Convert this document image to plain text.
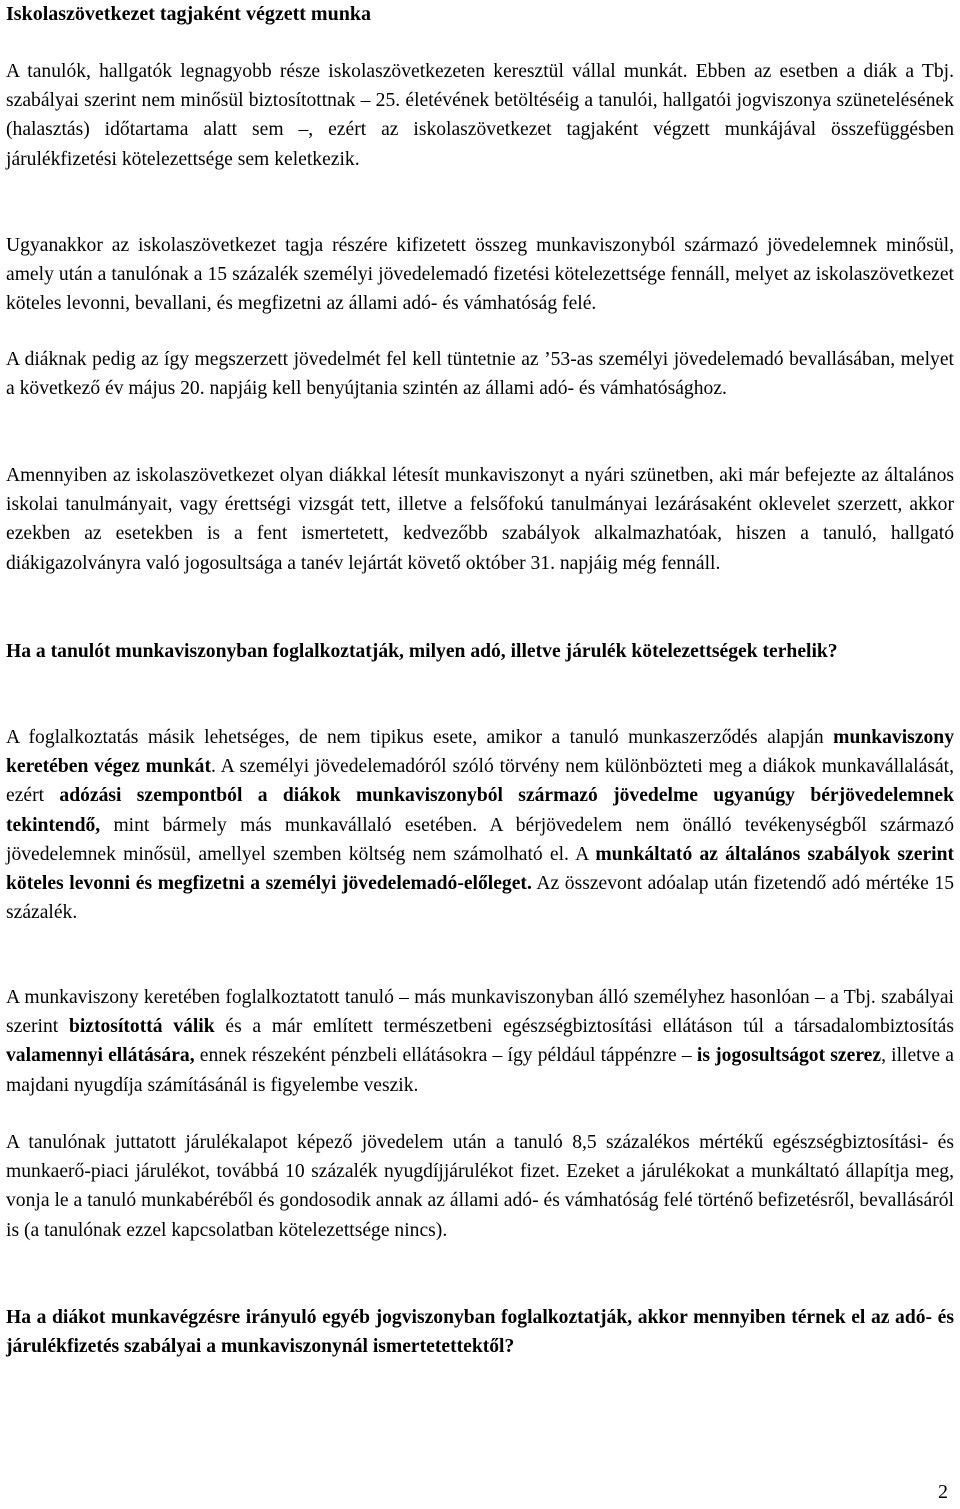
Iskolaszövetkezet tagjaként végzett munka

A tanulók, hallgatók legnagyobb része iskolaszövetkezeten keresztül vállal munkát. Ebben az esetben a diák a Tbj. szabályai szerint nem minősül biztosítottnak – 25. életévének betöltéséig a tanulói, hallgatói jogviszonya szünetelésének (halasztás) időtartama alatt sem –, ezért az iskolaszövetkezet tagjaként végzett munkájával összefüggésben járulékfizetési kötelezettsége sem keletkezik.

Ugyanakkor az iskolaszövetkezet tagja részére kifizetett összeg munkaviszonyból származó jövedelemnek minősül, amely után a tanulónak a 15 százalék személyi jövedelemadó fizetési kötelezettsége fennáll, melyet az iskolaszövetkezet köteles levonni, bevallani, és megfizetni az állami adó- és vámhatóság felé.

A diáknak pedig az így megszerzett jövedelmét fel kell tüntetnie az ’53-as személyi jövedelemadó bevallásában, melyet a következő év május 20. napjáig kell benyújtania szintén az állami adó- és vámhatósághoz.

Amennyiben az iskolaszövetkezet olyan diákkal létesít munkaviszonyt a nyári szünetben, aki már befejezte az általános iskolai tanulmányait, vagy érettségi vizsgát tett, illetve a felsőfokú tanulmányai lezárásaként oklevelet szerzett, akkor ezekben az esetekben is a fent ismertetett, kedvezőbb szabályok alkalmazhatóak, hiszen a tanuló, hallgató diákigazolványra való jogosultsága a tanév lejártát követő október 31. napjáig még fennáll.

Ha a tanulót munkaviszonyban foglalkoztatják, milyen adó, illetve járulék kötelezettségek terhelik?

A foglalkoztatás másik lehetséges, de nem tipikus esete, amikor a tanuló munkaszerződés alapján munkaviszony keretében végez munkát. A személyi jövedelemadóról szóló törvény nem különbözteti meg a diákok munkavállalását, ezért adózási szempontból a diákok munkaviszonyból származó jövedelme ugyanúgy bérjövedelemnek tekintendő, mint bármely más munkavállaló esetében. A bérjövedelem nem önálló tevékenységből származó jövedelemnek minősül, amellyel szemben költség nem számolható el. A munkáltató az általános szabályok szerint köteles levonni és megfizetni a személyi jövedelemadó-előleget. Az összevont adóalap után fizetendő adó mértéke 15 százalék.

A munkaviszony keretében foglalkoztatott tanuló – más munkaviszonyban álló személyhez hasonlóan – a Tbj. szabályai szerint biztosítottá válik és a már említett természetbeni egészségbiztosítási ellátáson túl a társadalombiztosítás valamennyi ellátására, ennek részeként pénzbeli ellátásokra – így például táppénzre – is jogosultságot szerez, illetve a majdani nyugdíja számításánál is figyelembe veszik.

A tanulónak juttatott járulékalapot képező jövedelem után a tanuló 8,5 százalékos mértékű egészségbiztosítási- és munkaerő-piaci járulékot, továbbá 10 százalék nyugdíjjárulékot fizet. Ezeket a járulékokat a munkáltató állapítja meg, vonja le a tanuló munkabéréből és gondosodik annak az állami adó- és vámhatóság felé történő befizetésről, bevallásáról is (a tanulónak ezzel kapcsolatban kötelezettsége nincs).

Ha a diákot munkavégzésre irányuló egyéb jogviszonyban foglalkoztatják, akkor mennyiben térnek el az adó- és járulékfizetés szabályai a munkaviszonynál ismertetettektől?

2
